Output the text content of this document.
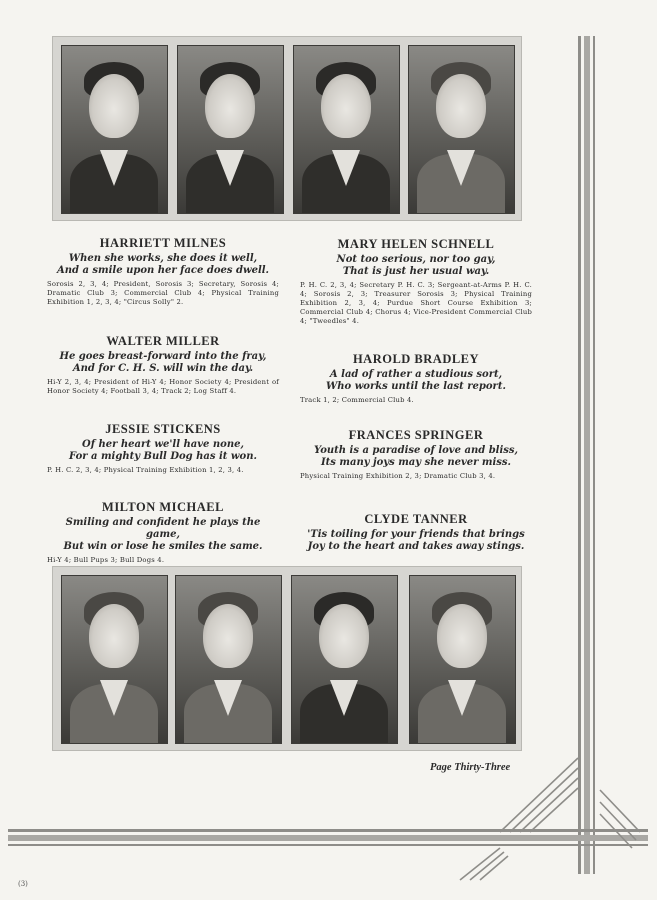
HARRIETT MILNES

When she works, she does it well,

And a smile upon her face does dwell.

Sorosis 2, 3, 4; President, Sorosis 3; Secretary, Sorosis 4; Dramatic Club 3; Commercial Club 4; Physical Training Exhibition 1, 2, 3, 4; "Circus Solly" 2.

WALTER MILLER

He goes breast-forward into the fray,

And for C. H. S. will win the day.

Hi-Y 2, 3, 4; President of Hi-Y 4; Honor Society 4; President of Honor Society 4; Football 3, 4; Track 2; Log Staff 4.

JESSIE STICKENS

Of her heart we'll have none,

For a mighty Bull Dog has it won.

P. H. C. 2, 3, 4; Physical Training Exhibition 1, 2, 3, 4.

MILTON MICHAEL

Smiling and confident he plays the game,

But win or lose he smiles the same.

Hi-Y 4; Bull Pups 3; Bull Dogs 4.

MARY HELEN SCHNELL

Not too serious, nor too gay,

That is just her usual way.

P. H. C. 2, 3, 4; Secretary P. H. C. 3; Sergeant-at-Arms P. H. C. 4; Sorosis 2, 3; Treasurer Sorosis 3; Physical Training Exhibition 2, 3, 4; Purdue Short Course Exhibition 3; Commercial Club 4; Chorus 4; Vice-President Commercial Club 4; "Tweedles" 4.

HAROLD BRADLEY

A lad of rather a studious sort,

Who works until the last report.

Track 1, 2; Commercial Club 4.

FRANCES SPRINGER

Youth is a paradise of love and bliss,

Its many joys may she never miss.

Physical Training Exhibition 2, 3; Dramatic Club 3, 4.

CLYDE TANNER

'Tis toiling for your friends that brings

Joy to the heart and takes away stings.

Page Thirty-Three
(3)
